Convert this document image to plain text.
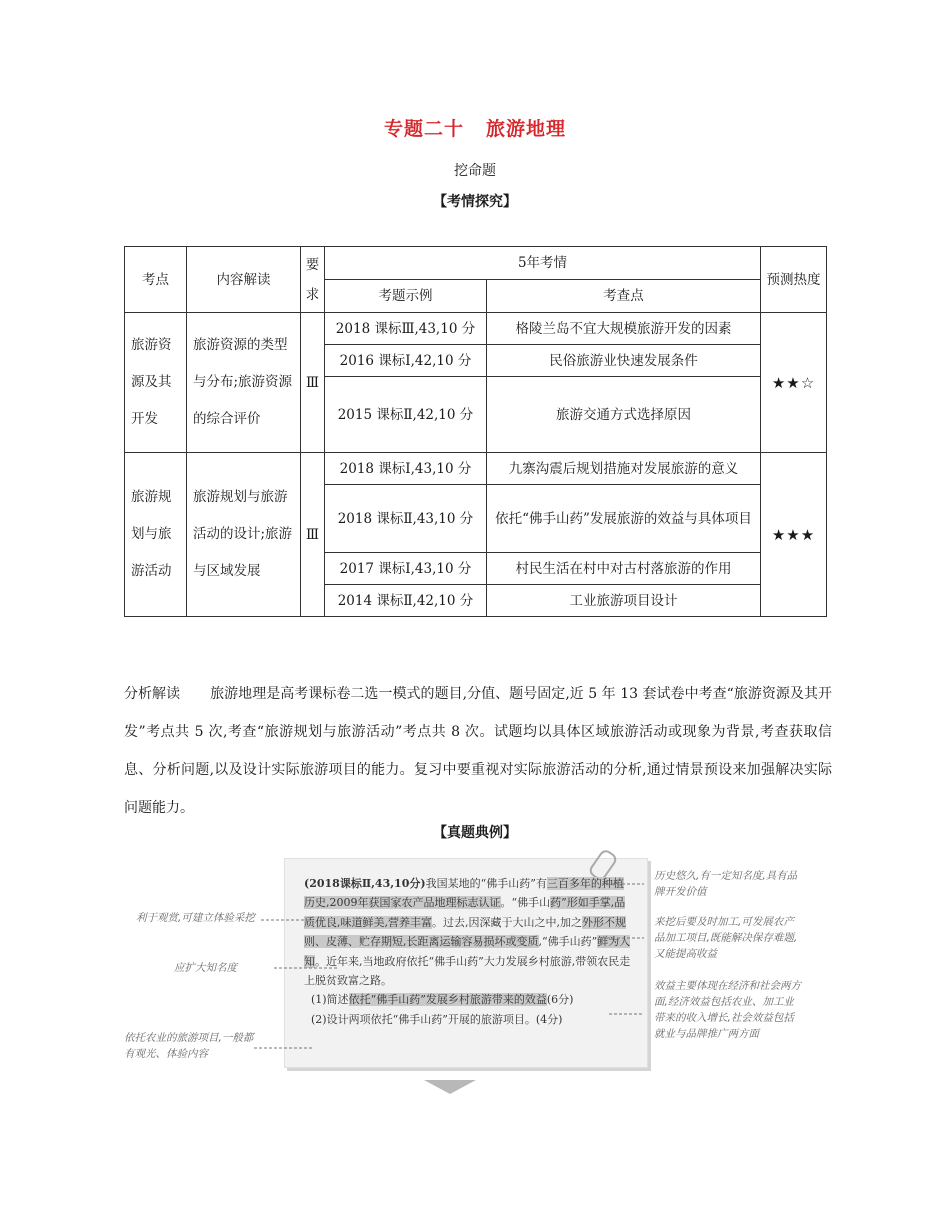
专题二十 旅游地理
挖命题
【考情探究】
考点	内容解读	要求	5年考情		预测热度
			考题示例	考查点	
旅游资源及其开发	旅游资源的类型与分布;旅游资源的综合评价	Ⅲ	2018 课标Ⅲ,43,10 分	格陵兰岛不宜大规模旅游开发的因素	★★☆
			2016 课标Ⅰ,42,10 分	民俗旅游业快速发展条件	
			2015 课标Ⅱ,42,10 分	旅游交通方式选择原因	
旅游规划与旅游活动	旅游规划与旅游活动的设计;旅游与区域发展	Ⅲ	2018 课标Ⅰ,43,10 分	九寨沟震后规划措施对发展旅游的意义	★★★
			2018 课标Ⅱ,43,10 分	依托“佛手山药”发展旅游的效益与具体项目	
			2017 课标Ⅰ,43,10 分	村民生活在村中对古村落旅游的作用	
			2014 课标Ⅱ,42,10 分	工业旅游项目设计	
分析解读 旅游地理是高考课标卷二选一模式的题目,分值、题号固定,近 5 年 13 套试卷中考查“旅游资源及其开发”考点共 5 次,考查“旅游规划与旅游活动”考点共 8 次。试题均以具体区域旅游活动或现象为背景,考查获取信息、分析问题,以及设计实际旅游项目的能力。复习中要重视对实际旅游活动的分析,通过情景预设来加强解决实际问题能力。
【真题典例】
(2018课标Ⅱ,43,10分)我国某地的“佛手山药”有三百多年的种植历史,2009年获国家农产品地理标志认证。“佛手山药”形如手掌,品质优良,味道鲜美,营养丰富。过去,因深藏于大山之中,加之外形不规则、皮薄、贮存期短,长距离运输容易损坏或变质,“佛手山药”鲜为人知。近年来,当地政府依托“佛手山药”大力发展乡村旅游,带领农民走上脱贫致富之路。
(1)简述依托“佛手山药”发展乡村旅游带来的效益(6分)
(2)设计两项依托“佛手山药”开展的旅游项目。(4分)
历史悠久,有一定知名度,具有品牌开发价值
来挖后要及时加工,可发展农产品加工项目,既能解决保存难题,又能提高收益
效益主要体现在经济和社会两方面,经济效益包括农业、加工业带来的收入增长,社会效益包括就业与品牌推广两方面
利于观赏,可建立体验采挖
应扩大知名度
依托农业的旅游项目,一般都有观光、体验内容
